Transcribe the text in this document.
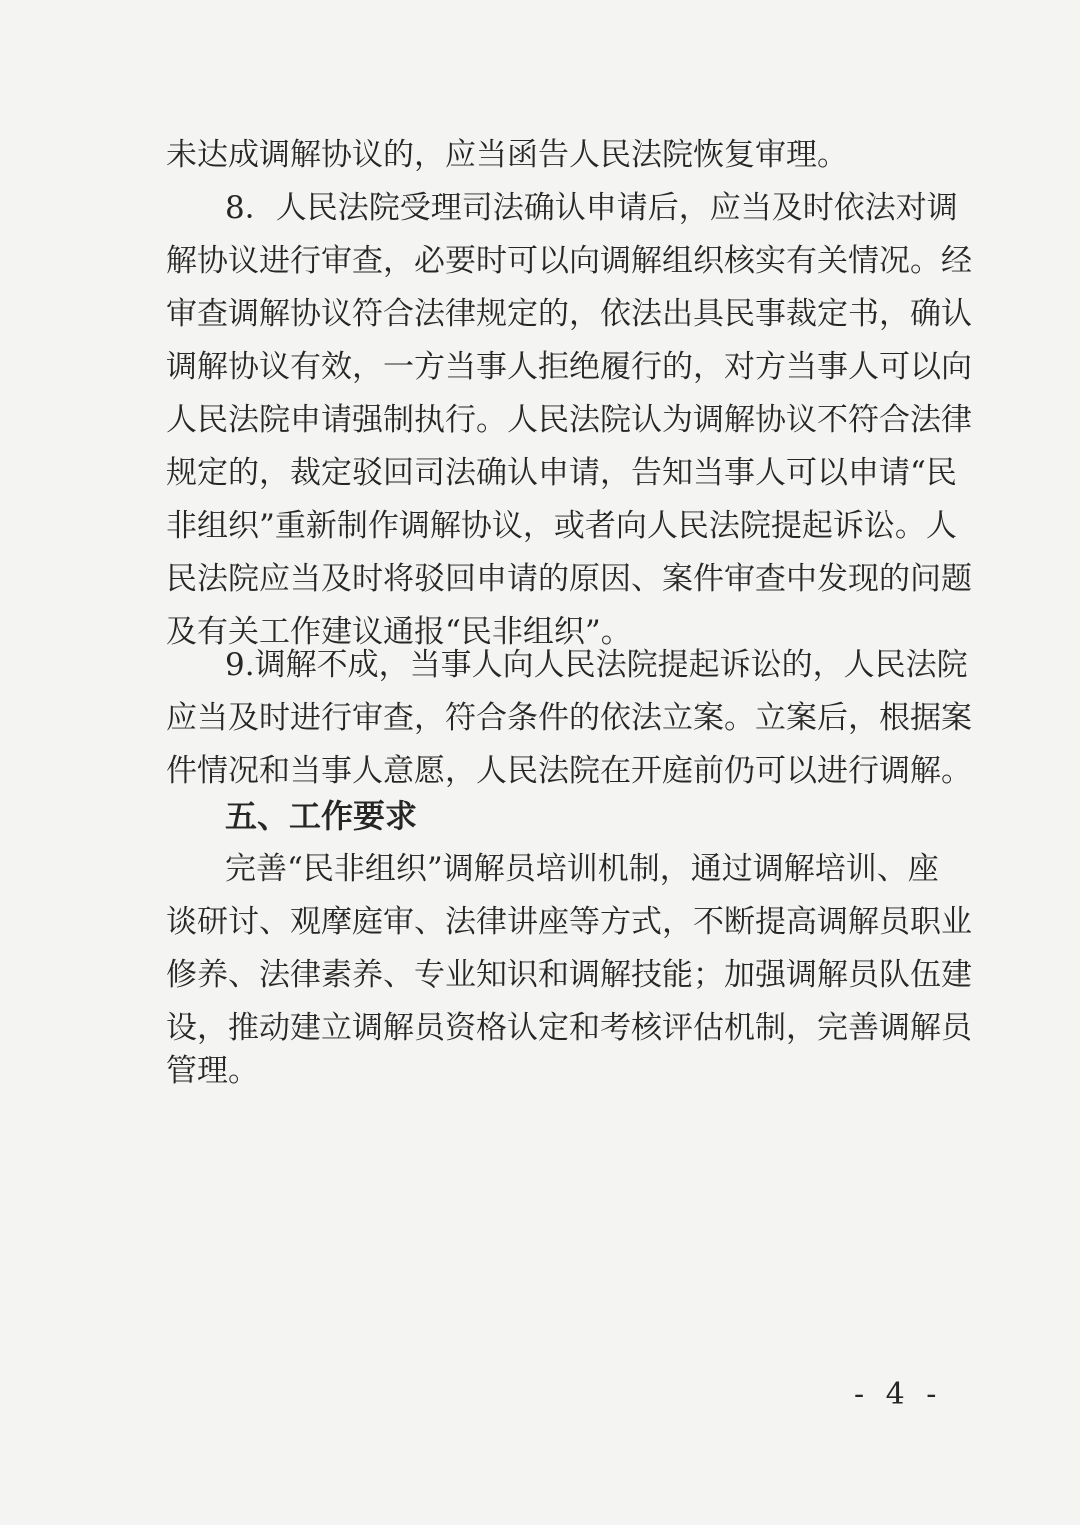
未达成调解协议的，应当函告人民法院恢复审理。
8．人民法院受理司法确认申请后，应当及时依法对调
解协议进行审查，必要时可以向调解组织核实有关情况。经
审查调解协议符合法律规定的，依法出具民事裁定书，确认
调解协议有效，一方当事人拒绝履行的，对方当事人可以向
人民法院申请强制执行。人民法院认为调解协议不符合法律
规定的，裁定驳回司法确认申请，告知当事人可以申请“民
非组织”重新制作调解协议，或者向人民法院提起诉讼。人
民法院应当及时将驳回申请的原因、案件审查中发现的问题
及有关工作建议通报“民非组织”。
9.调解不成，当事人向人民法院提起诉讼的，人民法院
应当及时进行审查，符合条件的依法立案。立案后，根据案
件情况和当事人意愿，人民法院在开庭前仍可以进行调解。
五、工作要求
完善“民非组织”调解员培训机制，通过调解培训、座
谈研讨、观摩庭审、法律讲座等方式，不断提高调解员职业
修养、法律素养、专业知识和调解技能；加强调解员队伍建
设，推动建立调解员资格认定和考核评估机制，完善调解员
管理。
- 4 -
